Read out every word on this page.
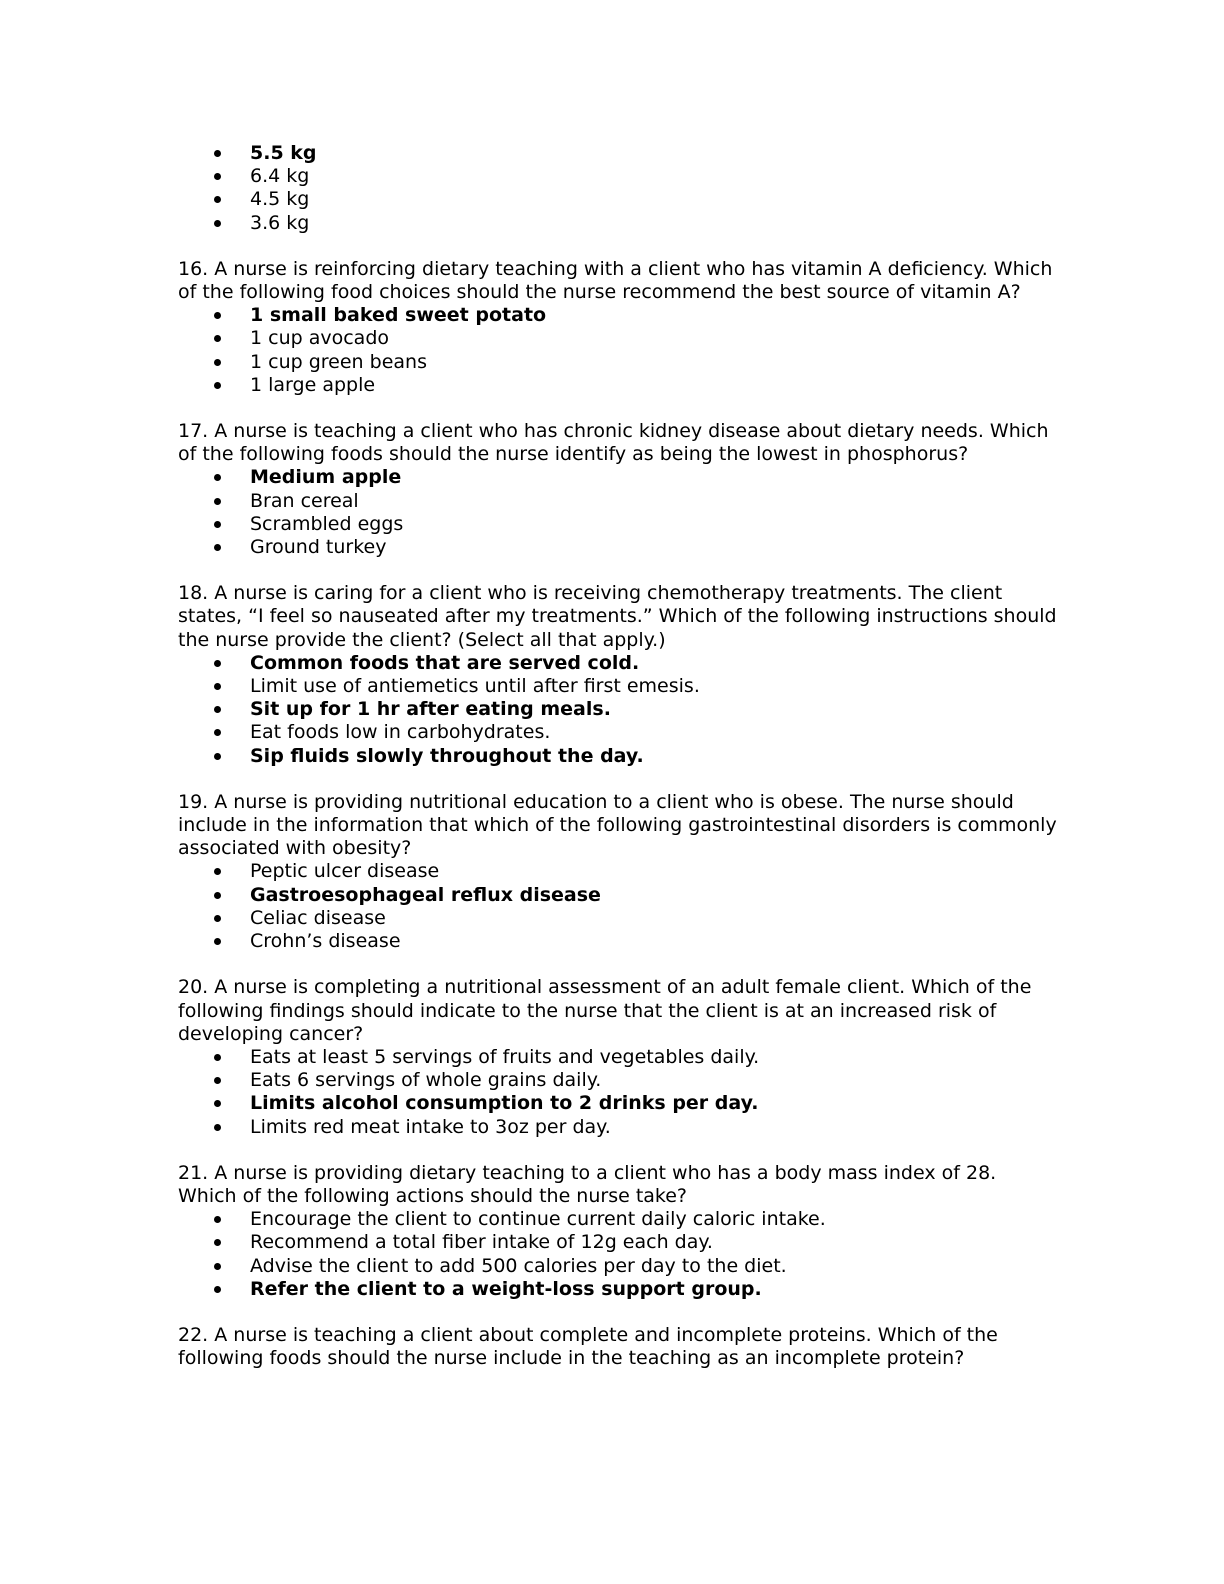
5.5 kg
6.4 kg
4.5 kg
3.6 kg

16. A nurse is reinforcing dietary teaching with a client who has vitamin A deficiency. Which of the following food choices should the nurse recommend the best source of vitamin A?

1 small baked sweet potato
1 cup avocado
1 cup green beans
1 large apple

17. A nurse is teaching a client who has chronic kidney disease about dietary needs. Which of the following foods should the nurse identify as being the lowest in phosphorus?

Medium apple
Bran cereal
Scrambled eggs
Ground turkey

18. A nurse is caring for a client who is receiving chemotherapy treatments. The client states, “I feel so nauseated after my treatments.” Which of the following instructions should the nurse provide the client? (Select all that apply.)

Common foods that are served cold.
Limit use of antiemetics until after first emesis.
Sit up for 1 hr after eating meals.
Eat foods low in carbohydrates.
Sip fluids slowly throughout the day.

19. A nurse is providing nutritional education to a client who is obese. The nurse should include in the information that which of the following gastrointestinal disorders is commonly associated with obesity?

Peptic ulcer disease
Gastroesophageal reflux disease
Celiac disease
Crohn’s disease

20. A nurse is completing a nutritional assessment of an adult female client. Which of the following findings should indicate to the nurse that the client is at an increased risk of developing cancer?

Eats at least 5 servings of fruits and vegetables daily.
Eats 6 servings of whole grains daily.
Limits alcohol consumption to 2 drinks per day.
Limits red meat intake to 3oz per day.

21. A nurse is providing dietary teaching to a client who has a body mass index of 28. Which of the following actions should the nurse take?

Encourage the client to continue current daily caloric intake.
Recommend a total fiber intake of 12g each day.
Advise the client to add 500 calories per day to the diet.
Refer the client to a weight-loss support group.

22. A nurse is teaching a client about complete and incomplete proteins. Which of the following foods should the nurse include in the teaching as an incomplete protein?
